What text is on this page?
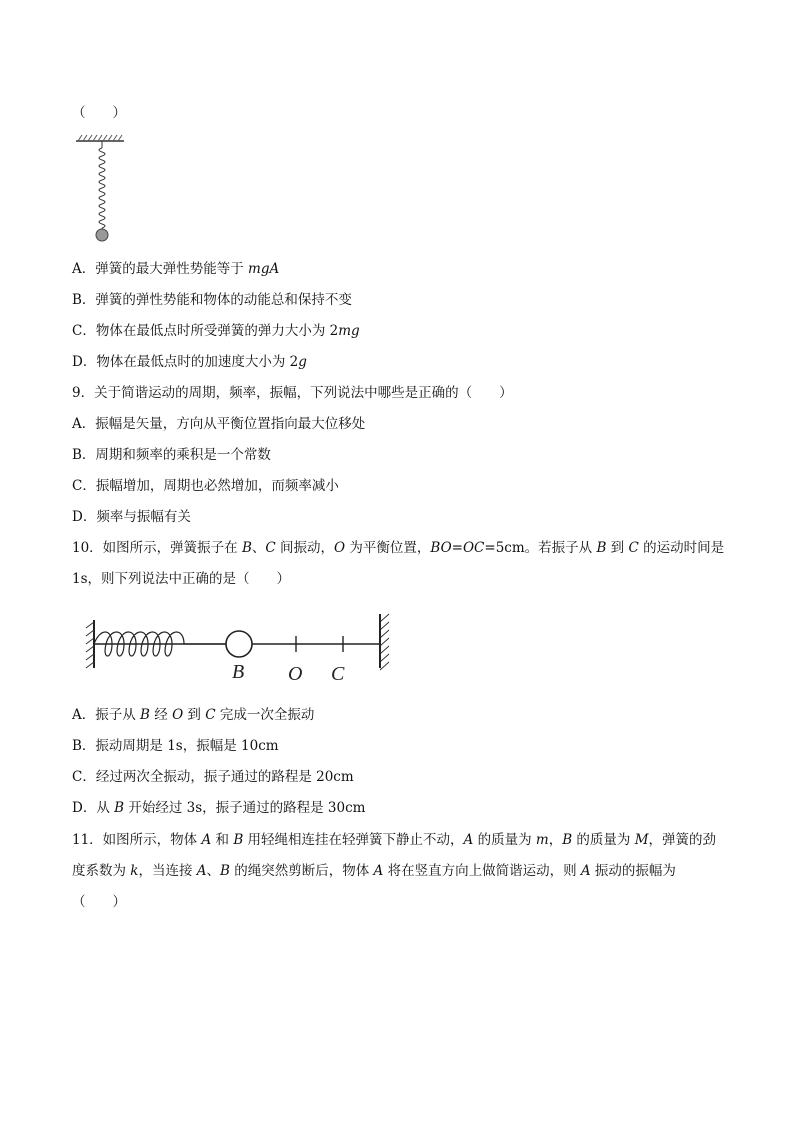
（　　）
A．弹簧的最大弹性势能等于 mgA
B．弹簧的弹性势能和物体的动能总和保持不变
C．物体在最低点时所受弹簧的弹力大小为 2mg
D．物体在最低点时的加速度大小为 2g
9．关于简谐运动的周期，频率，振幅，下列说法中哪些是正确的（　　）
A．振幅是矢量，方向从平衡位置指向最大位移处
B．周期和频率的乘积是一个常数
C．振幅增加，周期也必然增加，而频率减小
D．频率与振幅有关
10．如图所示，弹簧振子在 B、C 间振动，O 为平衡位置，BO=OC=5cm。若振子从 B 到 C 的运动时间是
1s，则下列说法中正确的是（　　）
B O C
A．振子从 B 经 O 到 C 完成一次全振动
B．振动周期是 1s，振幅是 10cm
C．经过两次全振动，振子通过的路程是 20cm
D．从 B 开始经过 3s，振子通过的路程是 30cm
11．如图所示，物体 A 和 B 用轻绳相连挂在轻弹簧下静止不动，A 的质量为 m，B 的质量为 M，弹簧的劲
度系数为 k，当连接 A、B 的绳突然剪断后，物体 A 将在竖直方向上做简谐运动，则 A 振动的振幅为
（　　）
